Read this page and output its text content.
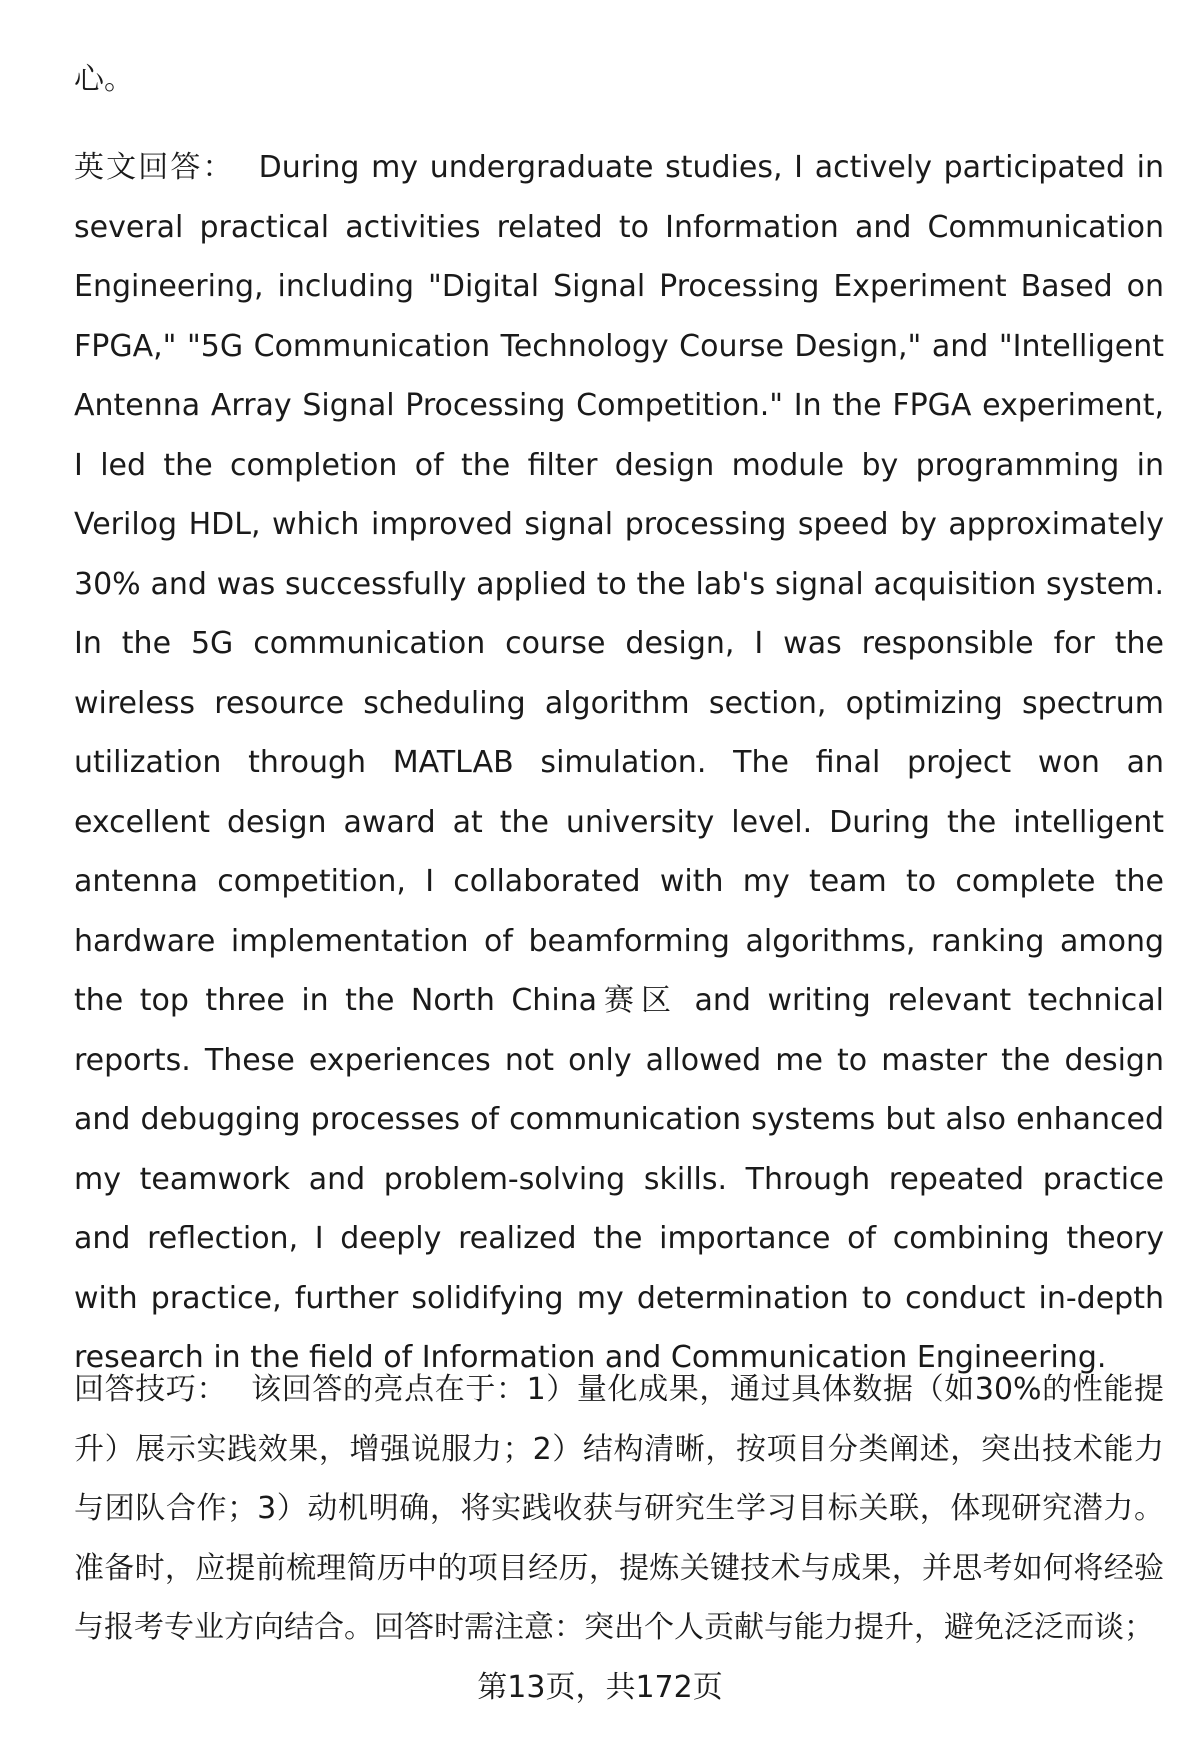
心。
英文回答： During my undergraduate studies, I actively participated in several practical activities related to Information and Communication Engineering, including "Digital Signal Processing Experiment Based on FPGA," "5G Communication Technology Course Design," and "Intelligent Antenna Array Signal Processing Competition." In the FPGA experiment, I led the completion of the filter design module by programming in Verilog HDL, which improved signal processing speed by approximately 30% and was successfully applied to the lab's signal acquisition system. In the 5G communication course design, I was responsible for the wireless resource scheduling algorithm section, optimizing spectrum utilization through MATLAB simulation. The final project won an excellent design award at the university level. During the intelligent antenna competition, I collaborated with my team to complete the hardware implementation of beamforming algorithms, ranking among the top three in the North China赛区 and writing relevant technical reports. These experiences not only allowed me to master the design and debugging processes of communication systems but also enhanced my teamwork and problem-solving skills. Through repeated practice and reflection, I deeply realized the importance of combining theory with practice, further solidifying my determination to conduct in-depth research in the field of Information and Communication Engineering.
回答技巧： 该回答的亮点在于：1）量化成果，通过具体数据（如30%的性能提升）展示实践效果，增强说服力；2）结构清晰，按项目分类阐述，突出技术能力与团队合作；3）动机明确，将实践收获与研究生学习目标关联，体现研究潜力。准备时，应提前梳理简历中的项目经历，提炼关键技术与成果，并思考如何将经验与报考专业方向结合。回答时需注意：突出个人贡献与能力提升，避免泛泛而谈；
第13页，共172页
